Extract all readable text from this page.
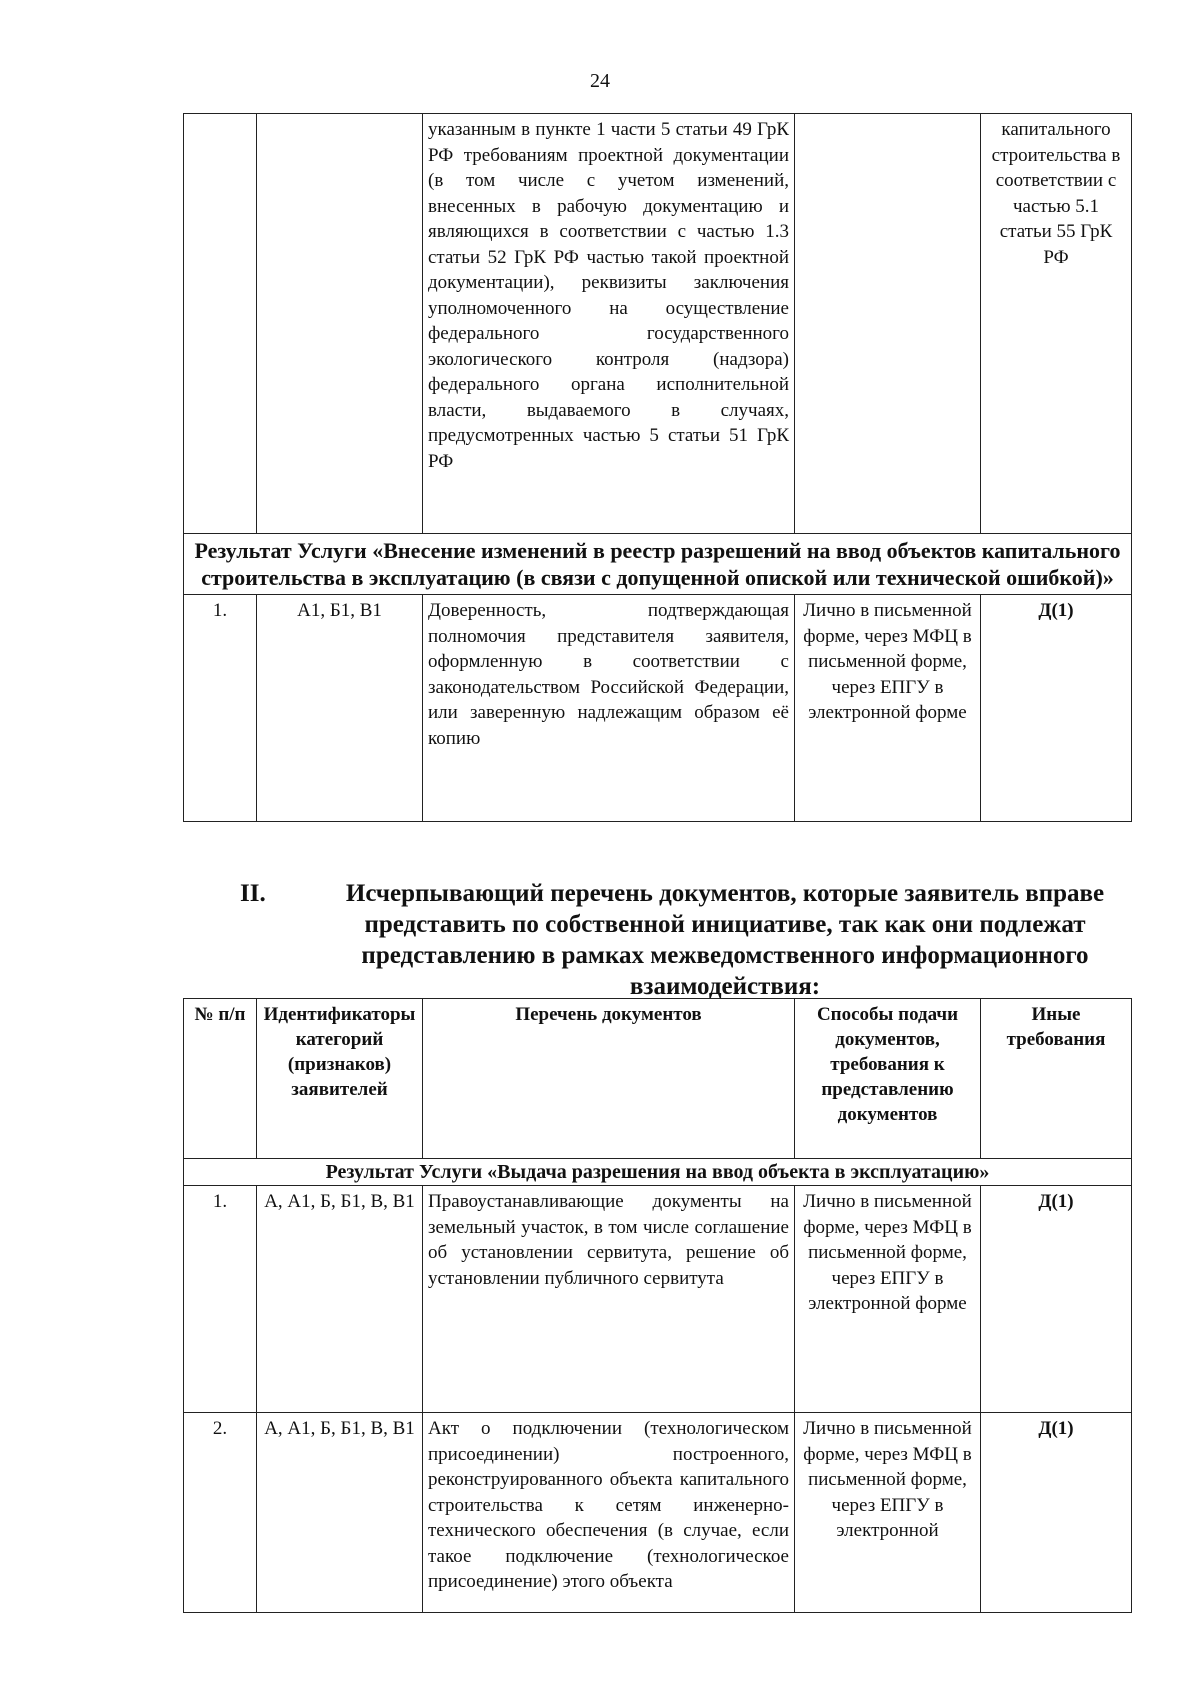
24
		указанным в пункте 1 части 5 статьи 49 ГрК РФ требованиям проектной документации (в том числе с учетом изменений, внесенных в рабочую документацию и являющихся в соответствии с частью 1.3 статьи 52 ГрК РФ частью такой проектной документации), реквизиты заключения уполномоченного на осуществление федерального государственного экологического контроля (надзора) федерального органа исполнительной власти, выдаваемого в случаях, предусмотренных частью 5 статьи 51 ГрК РФ		капитального строительства в соответствии с частью 5.1 статьи 55 ГрК РФ
Результат Услуги «Внесение изменений в реестр разрешений на ввод объектов капитального строительства в эксплуатацию (в связи с допущенной опиской или технической ошибкой)»				
1.	А1, Б1, В1	Доверенность, подтверждающая полномочия представителя заявителя, оформленную в соответствии с законодательством Российской Федерации, или заверенную надлежащим образом её копию	Лично в письменной форме, через МФЦ в письменной форме, через ЕПГУ в электронной форме	Д(1)
II.	Исчерпывающий перечень документов, которые заявитель вправе представить по собственной инициативе, так как они подлежат представлению в рамках межведомственного информационного взаимодействия:
№ п/п	Идентификаторы категорий (признаков) заявителей	Перечень документов	Способы подачи документов, требования к представлению документов	Иные требования
Результат Услуги «Выдача разрешения на ввод объекта в эксплуатацию»				
1.	А, А1, Б, Б1, В, В1	Правоустанавливающие документы на земельный участок, в том числе соглашение об установлении сервитута, решение об установлении публичного сервитута	Лично в письменной форме, через МФЦ в письменной форме, через ЕПГУ в электронной форме	Д(1)
2.	А, А1, Б, Б1, В, В1	Акт о подключении (технологическом присоединении) построенного, реконструированного объекта капитального строительства к сетям инженерно-технического обеспечения (в случае, если такое подключение (технологическое присоединение) этого объекта	Лично в письменной форме, через МФЦ в письменной форме, через ЕПГУ в электронной	Д(1)
